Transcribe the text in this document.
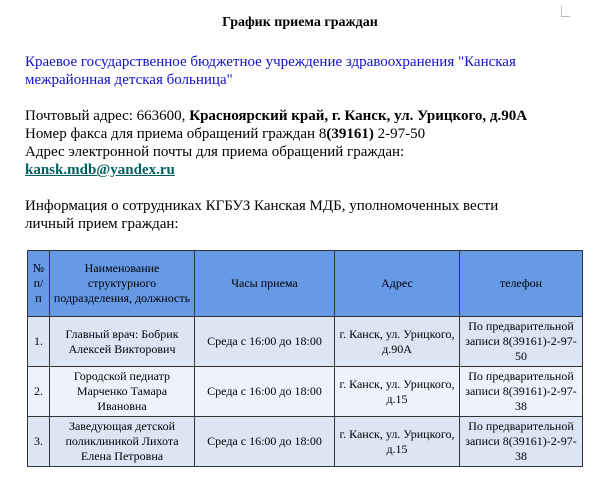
График приема граждан
Краевое государственное бюджетное учреждение здравоохранения "Канская межрайонная детская больница"
Почтовый адрес: 663600, Красноярский край, г. Канск, ул. Урицкого, д.90А
Номер факса для приема обращений граждан 8(39161) 2-97-50
Адрес электронной почты для приема обращений граждан:
kansk.mdb@yandex.ru
Информация о сотрудниках КГБУЗ Канская МДБ, уполномоченных вести личный прием граждан:
№ п/п	Наименование структурного подразделения, должность	Часы приема	Адрес	телефон
1.	Главный врач: Бобрик Алексей Викторович	Среда с 16:00 до 18:00	г. Канск, ул. Урицкого, д.90А	По предварительной записи 8(39161)-2-97-50
2.	Городской педиатр Марченко Тамара Ивановна	Среда с 16:00 до 18:00	г. Канск, ул. Урицкого, д.15	По предварительной записи 8(39161)-2-97-38
3.	Заведующая детской поликлиникой Лихота Елена Петровна	Среда с 16:00 до 18:00	г. Канск, ул. Урицкого, д.15	По предварительной записи 8(39161)-2-97-38
